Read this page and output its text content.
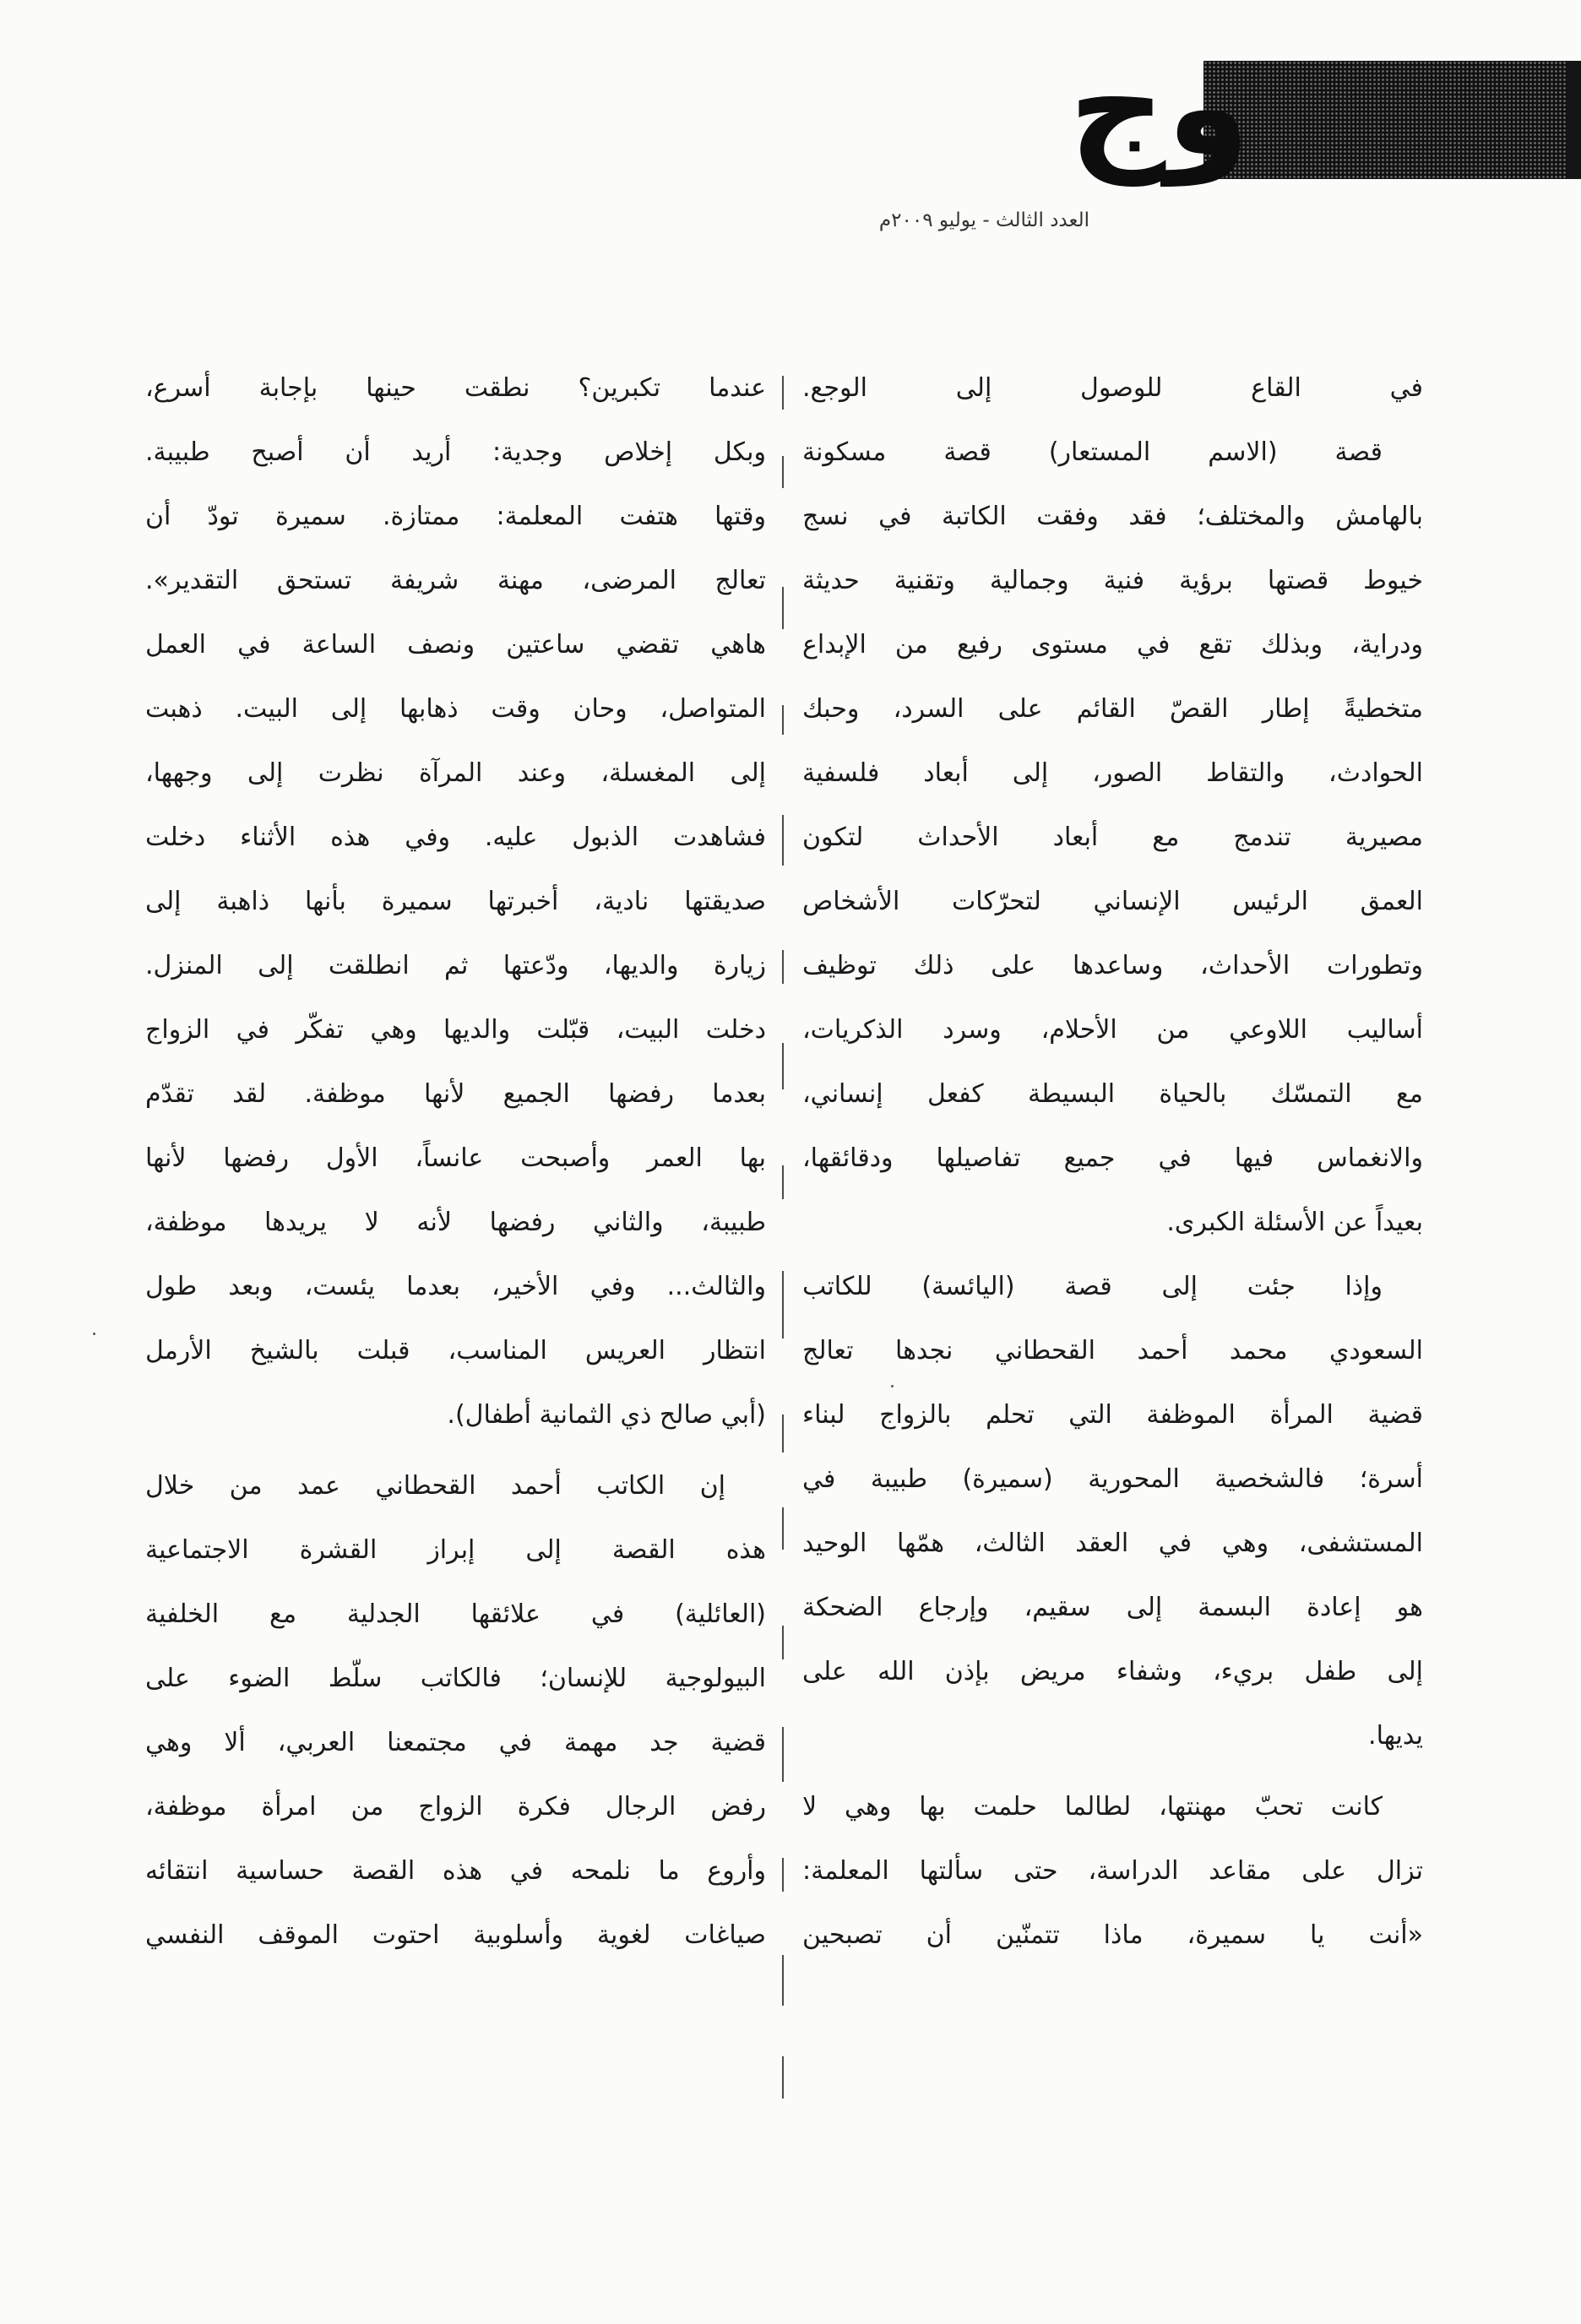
وج
العدد الثالث - يوليو ٢٠٠٩م
في القاع للوصول إلى الوجع.
قصة (الاسم المستعار) قصة مسكونة
بالهامش والمختلف؛ فقد وفقت الكاتبة في نسج
خيوط قصتها برؤية فنية وجمالية وتقنية حديثة
ودراية، وبذلك تقع في مستوى رفيع من الإبداع
متخطيةً إطار القصّ القائم على السرد، وحبك
الحوادث، والتقاط الصور، إلى أبعاد فلسفية
مصيرية تندمج مع أبعاد الأحداث لتكون
العمق الرئيس الإنساني لتحرّكات الأشخاص
وتطورات الأحداث، وساعدها على ذلك توظيف
أساليب اللاوعي من الأحلام، وسرد الذكريات،
مع التمسّك بالحياة البسيطة كفعل إنساني،
والانغماس فيها في جميع تفاصيلها ودقائقها،
بعيداً عن الأسئلة الكبرى.
وإذا جئت إلى قصة (اليائسة) للكاتب
السعودي محمد أحمد القحطاني نجدها تعالج
قضية المرأة الموظفة التي تحلم بالزواج لبناء
أسرة؛ فالشخصية المحورية (سميرة) طبيبة في
المستشفى، وهي في العقد الثالث، همّها الوحيد
هو إعادة البسمة إلى سقيم، وإرجاع الضحكة
إلى طفل بريء، وشفاء مريض بإذن الله على
يديها.
كانت تحبّ مهنتها، لطالما حلمت بها وهي لا
تزال على مقاعد الدراسة، حتى سألتها المعلمة:
«أنت يا سميرة، ماذا تتمنّين أن تصبحين
عندما تكبرين؟ نطقت حينها بإجابة أسرع،
وبكل إخلاص وجدية: أريد أن أصبح طبيبة.
وقتها هتفت المعلمة: ممتازة. سميرة تودّ أن
تعالج المرضى، مهنة شريفة تستحق التقدير».
هاهي تقضي ساعتين ونصف الساعة في العمل
المتواصل، وحان وقت ذهابها إلى البيت. ذهبت
إلى المغسلة، وعند المرآة نظرت إلى وجهها،
فشاهدت الذبول عليه. وفي هذه الأثناء دخلت
صديقتها نادية، أخبرتها سميرة بأنها ذاهبة إلى
زيارة والديها، ودّعتها ثم انطلقت إلى المنزل.
دخلت البيت، قبّلت والديها وهي تفكّر في الزواج
بعدما رفضها الجميع لأنها موظفة. لقد تقدّم
بها العمر وأصبحت عانساً، الأول رفضها لأنها
طبيبة، والثاني رفضها لأنه لا يريدها موظفة،
والثالث... وفي الأخير، بعدما يئست، وبعد طول
انتظار العريس المناسب، قبلت بالشيخ الأرمل
(أبي صالح ذي الثمانية أطفال).
إن الكاتب أحمد القحطاني عمد من خلال
هذه القصة إلى إبراز القشرة الاجتماعية
(العائلية) في علائقها الجدلية مع الخلفية
البيولوجية للإنسان؛ فالكاتب سلّط الضوء على
قضية جد مهمة في مجتمعنا العربي، ألا وهي
رفض الرجال فكرة الزواج من امرأة موظفة،
وأروع ما نلمحه في هذه القصة حساسية انتقائه
صياغات لغوية وأسلوبية احتوت الموقف النفسي
